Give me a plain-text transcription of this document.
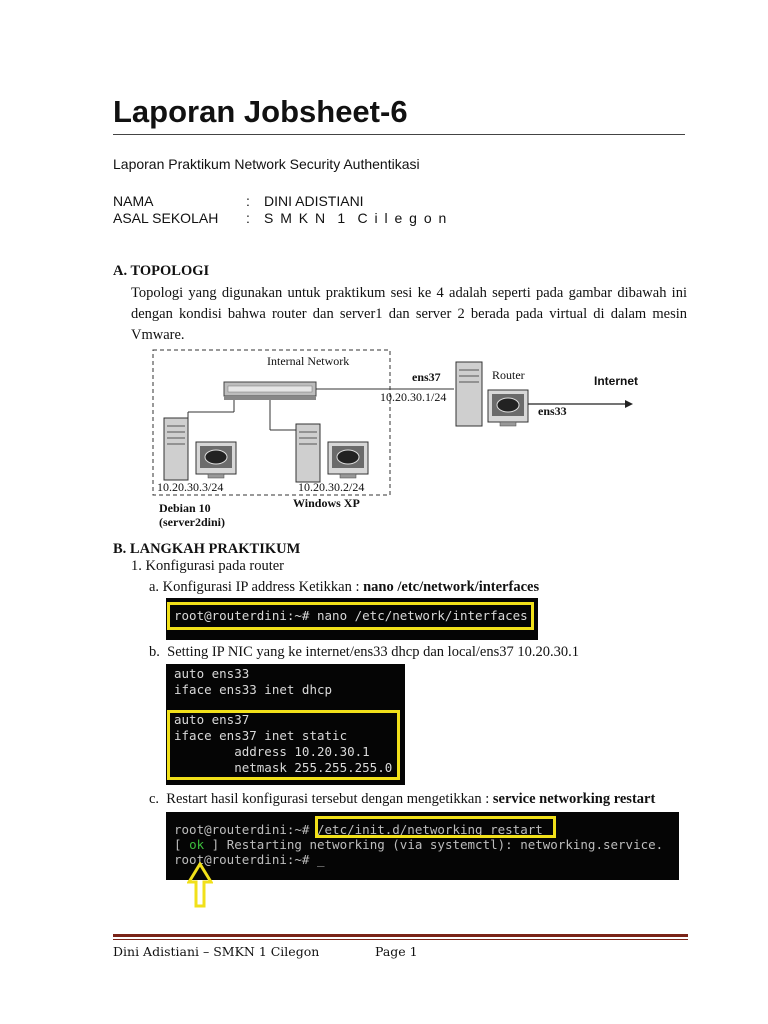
Laporan Jobsheet-6
Laporan Praktikum Network Security Authentikasi
NAMA	: DINI ADISTIANI
ASAL SEKOLAH : S M K N  1  C i l e g o n
A. TOPOLOGI
Topologi yang digunakan untuk praktikum sesi ke 4 adalah seperti pada gambar dibawah ini
dengan kondisi bahwa router dan server1 dan server 2 berada pada virtual di dalam mesin
Vmware.
Internal Network
ens37	Router	Internet
10.20.30.1/24
ens33
10.20.30.3/24	10.20.30.2/24
Windows XP
Debian 10
(server2dini)
B. LANGKAH PRAKTIKUM
1. Konfigurasi pada router
a. Konfigurasi IP address Ketikkan : nano /etc/network/interfaces

root@routerdini:~# nano /etc/network/interfaces

b.  Setting IP NIC yang ke internet/ens33 dhcp dan local/ens37 10.20.30.1

auto ens33

iface ens33 inet dhcp

auto ens37

iface ens37 inet static

address 10.20.30.1

netmask 255.255.255.0

c.  Restart hasil konfigurasi tersebut dengan mengetikkan : service networking restart

root@routerdini:~# /etc/init.d/networking restart

[ ok ] Restarting networking (via systemctl): networking.service.

root@routerdini:~# _

Dini Adistiani – SMKN 1 Cilegon	Page 1
